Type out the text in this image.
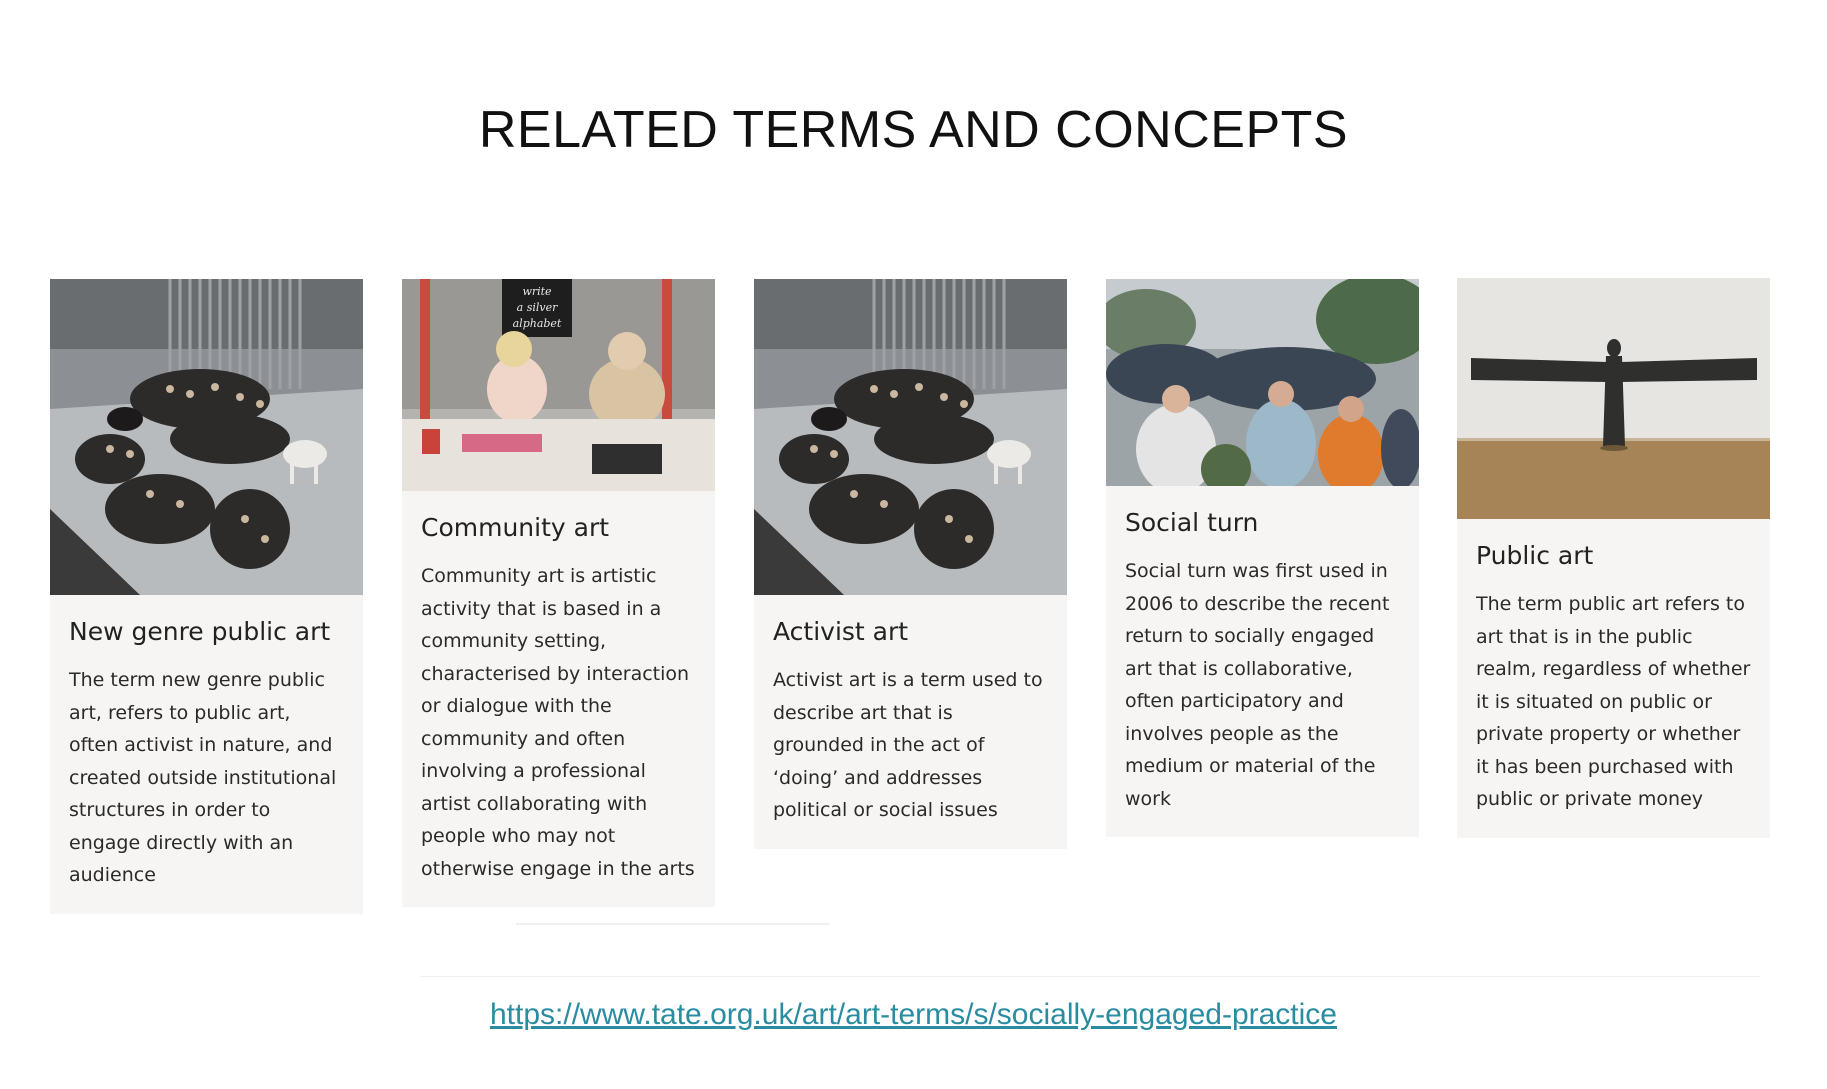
RELATED TERMS AND CONCEPTS
New genre public art
The term new genre public art, refers to public art, often activist in nature, and created outside institutional structures in order to engage directly with an audience
write
a silver
alphabet
Community art
Community art is artistic activity that is based in a community setting, characterised by interaction or dialogue with the community and often involving a professional artist collaborating with people who may not otherwise engage in the arts
Activist art
Activist art is a term used to describe art that is grounded in the act of ‘doing’ and addresses political or social issues
Social turn
Social turn was first used in 2006 to describe the recent return to socially engaged art that is collaborative, often participatory and involves people as the medium or material of the work
Public art
The term public art refers to art that is in the public realm, regardless of whether it is situated on public or private property or whether it has been purchased with public or private money
https://www.tate.org.uk/art/art-terms/s/socially-engaged-practice
